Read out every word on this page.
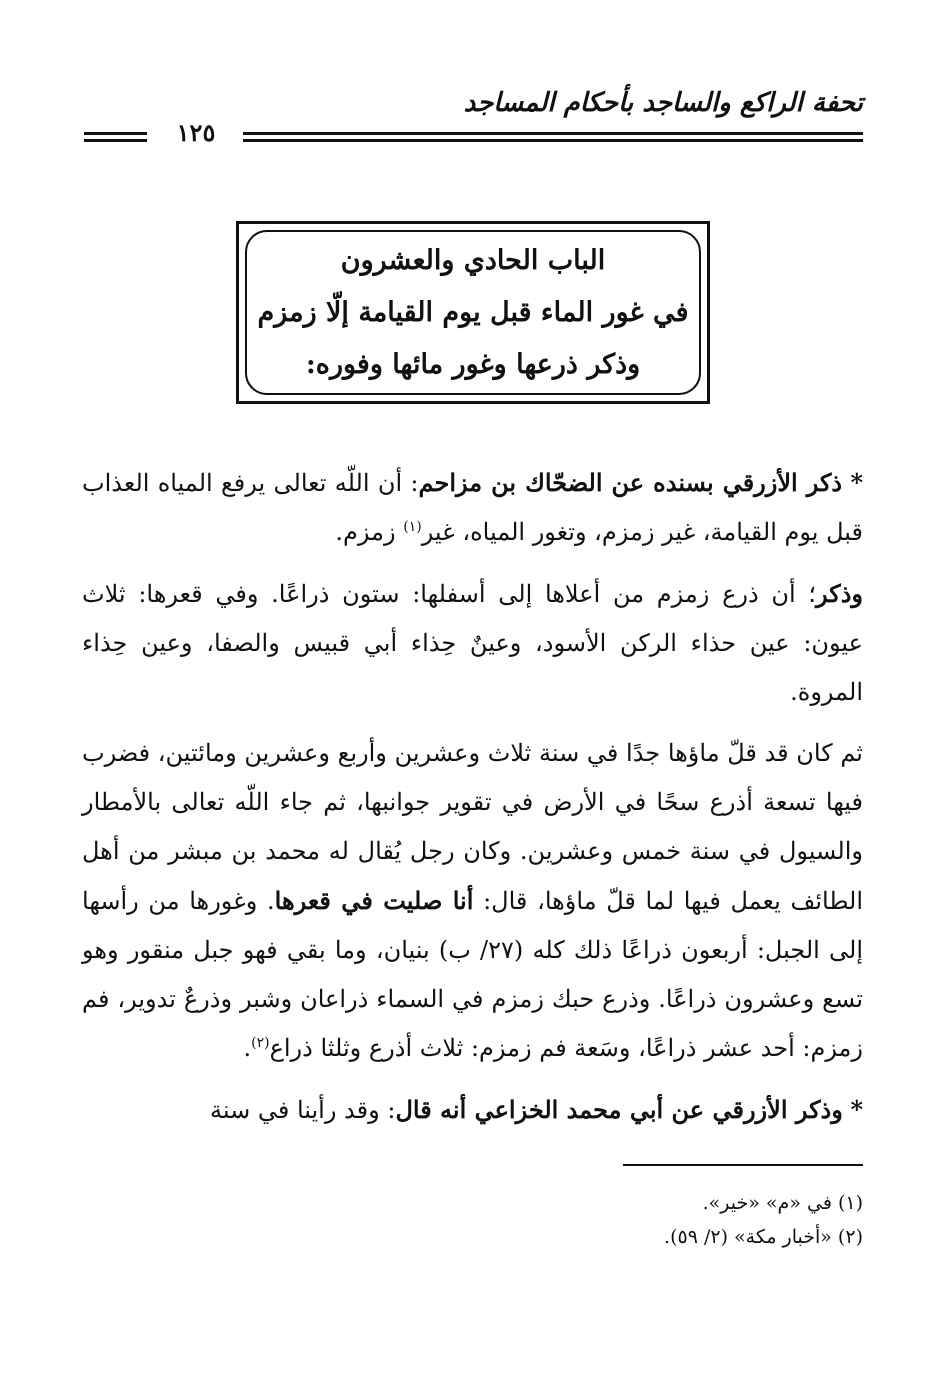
تحفة الراكع والساجد بأحكام المساجد
١٢٥
الباب الحادي والعشرون
في غور الماء قبل يوم القيامة إلّا زمزم
وذكر ذرعها وغور مائها وفوره:

* ذكر الأزرقي بسنده عن الضحّاك بن مزاحم: أن اللّه تعالى يرفع المياه العذاب قبل يوم القيامة، غير زمزم، وتغور المياه، غير$^{(١)}$ زمزم.

وذكر؛ أن ذرع زمزم من أعلاها إلى أسفلها: ستون ذراعًا. وفي قعرها: ثلاث عيون: عين حذاء الركن الأسود، وعينٌ حِذاء أبي قبيس والصفا، وعين حِذاء المروة.

ثم كان قد قلّ ماؤها جدًا في سنة ثلاث وعشرين وأربع وعشرين ومائتين، فضرب فيها تسعة أذرع سحًا في الأرض في تقوير جوانبها، ثم جاء اللّه تعالى بالأمطار والسيول في سنة خمس وعشرين. وكان رجل يُقال له محمد بن مبشر من أهل الطائف يعمل فيها لما قلّ ماؤها، قال: أنا صليت في قعرها. وغورها من رأسها إلى الجبل: أربعون ذراعًا ذلك كله (٢٧/ ب) بنيان، وما بقي فهو جبل منقور وهو تسع وعشرون ذراعًا. وذرع حبك زمزم في السماء ذراعان وشبر وذرعٌ تدوير، فم زمزم: أحد عشر ذراعًا، وسَعة فم زمزم: ثلاث أذرع وثلثا ذراع$^{(٢)}$.

* وذكر الأزرقي عن أبي محمد الخزاعي أنه قال: وقد رأينا في سنة

(١) في «م» «خير».
(٢) «أخبار مكة» (٢/ ٥٩).
